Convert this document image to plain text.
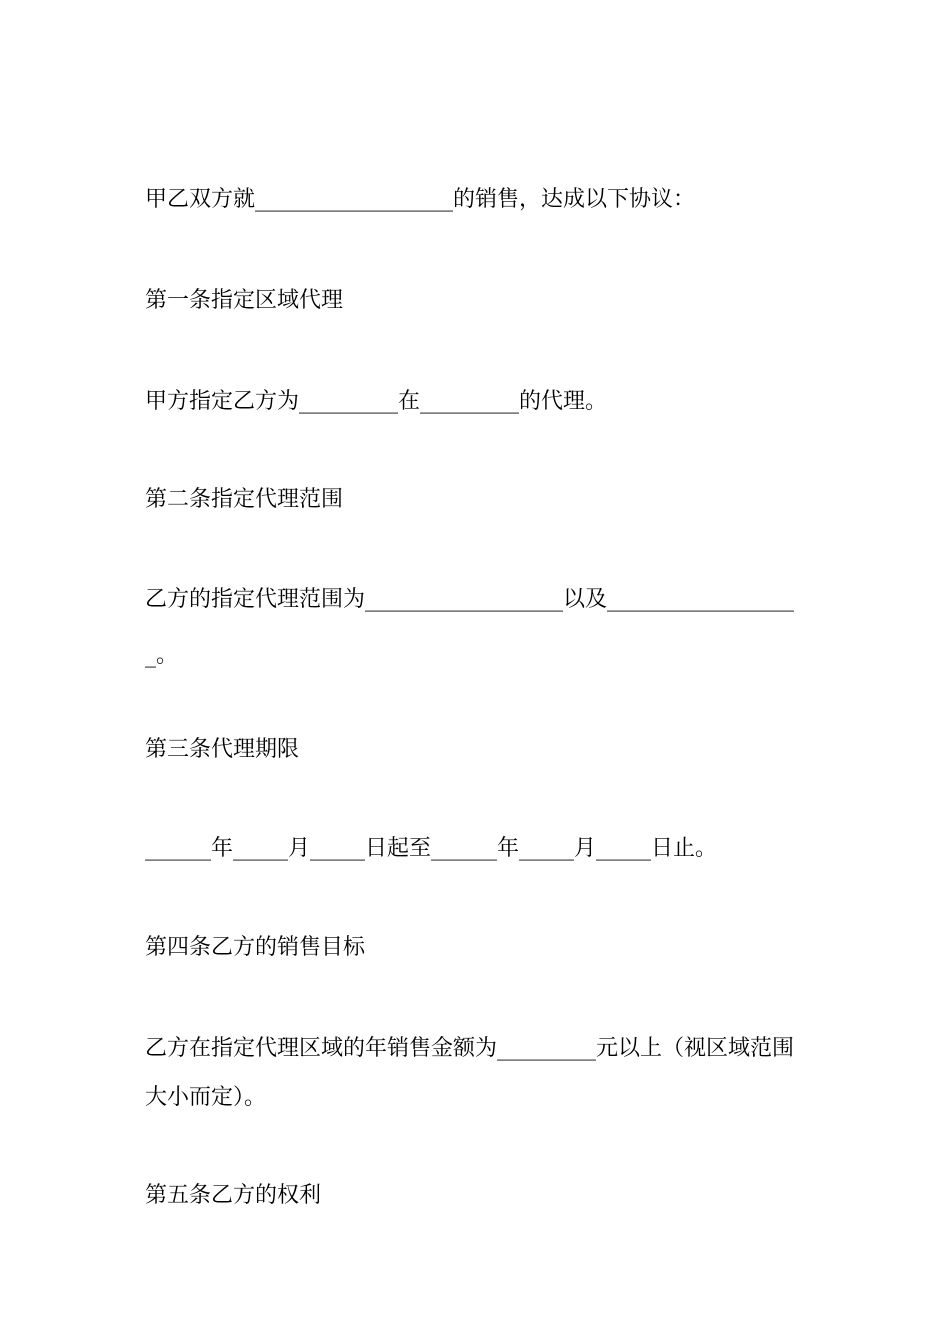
甲乙双方就__________________的销售，达成以下协议：

第一条指定区域代理

甲方指定乙方为_________在_________的代理。

第二条指定代理范围

乙方的指定代理范围为__________________以及_________________

_。

第三条代理期限

______年_____月_____日起至______年_____月_____日止。

第四条乙方的销售目标

乙方在指定代理区域的年销售金额为_________元以上（视区域范围

大小而定）。

第五条乙方的权利
